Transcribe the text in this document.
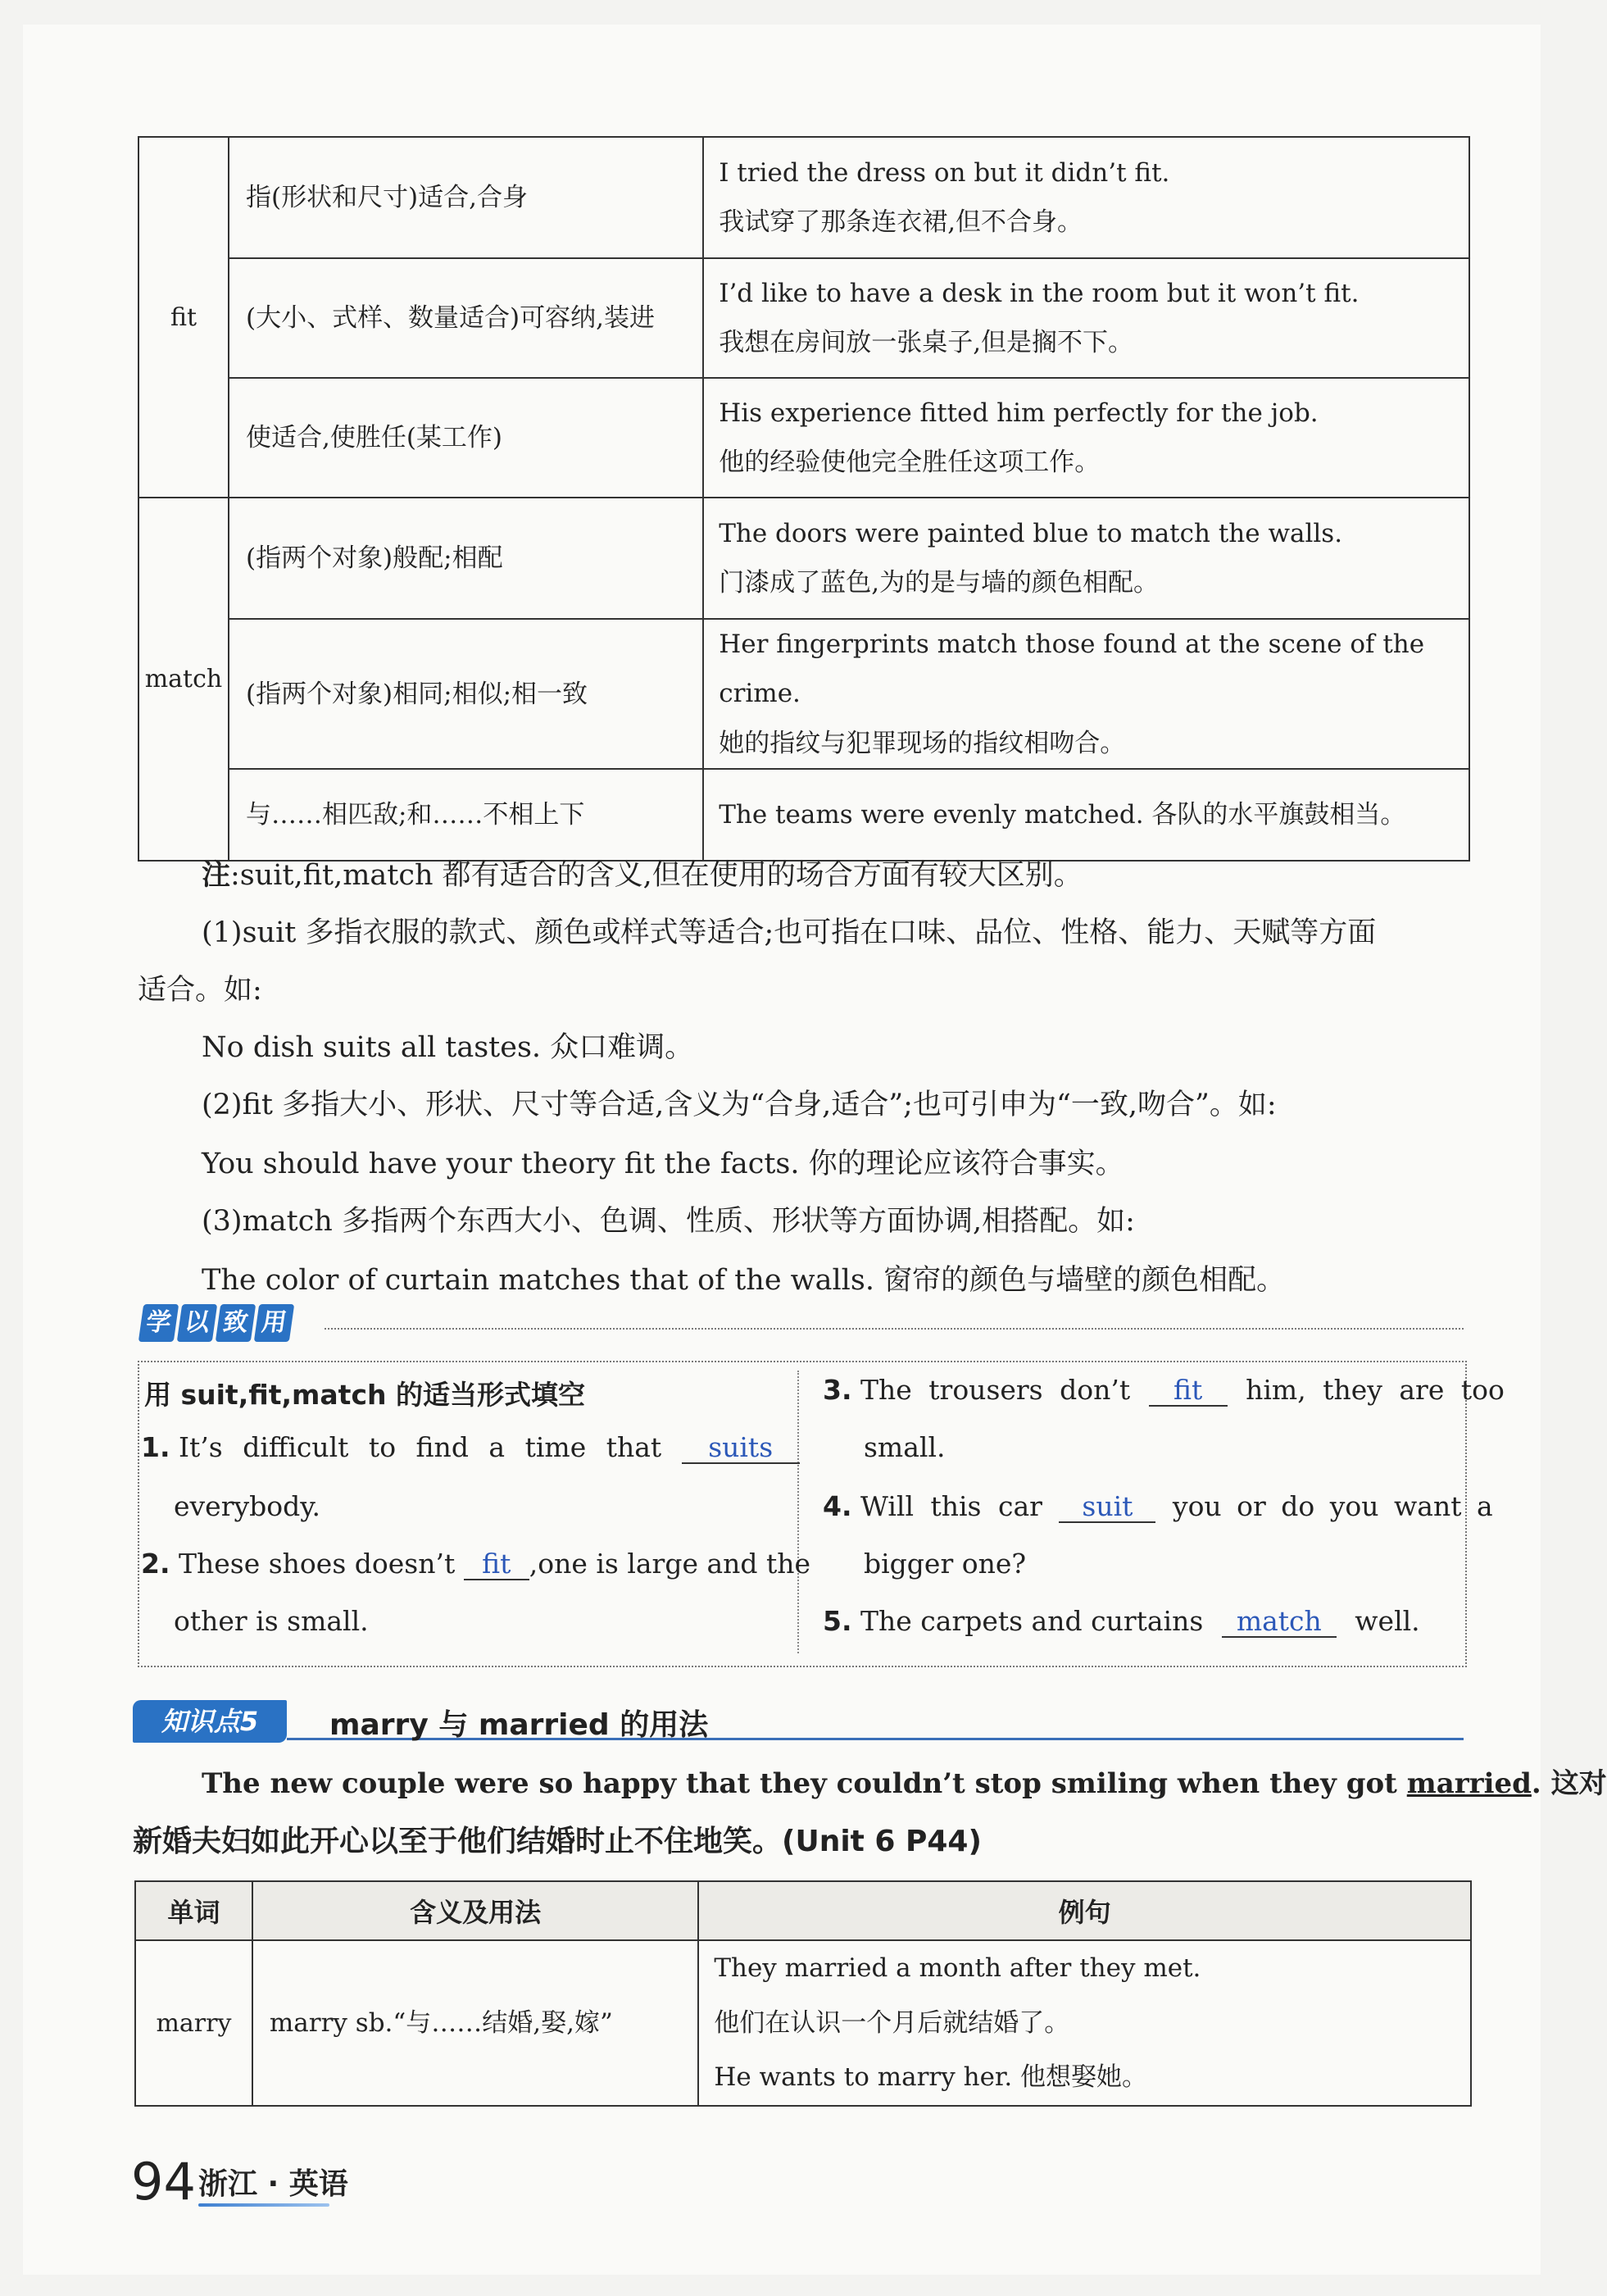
fit	指(形状和尺寸)适合,合身	I tried the dress on but it didn’t fit.
我试穿了那条连衣裙,但不合身。

	(大小、式样、数量适合)可容纳,装进	I’d like to have a desk in the room but it won’t fit.
我想在房间放一张桌子,但是搁不下。

	使适合,使胜任(某工作)	His experience fitted him perfectly for the job.
他的经验使他完全胜任这项工作。

match	(指两个对象)般配;相配	The doors were painted blue to match the walls.
门漆成了蓝色,为的是与墙的颜色相配。

	(指两个对象)相同;相似;相一致	Her fingerprints match those found at the scene of the crime.
她的指纹与犯罪现场的指纹相吻合。

	与……相匹敌;和……不相上下	The teams were evenly matched. 各队的水平旗鼓相当。
注:suit,fit,match 都有适合的含义,但在使用的场合方面有较大区别。
(1)suit 多指衣服的款式、颜色或样式等适合;也可指在口味、品位、性格、能力、天赋等方面
适合。如:
No dish suits all tastes. 众口难调。
(2)fit 多指大小、形状、尺寸等合适,含义为“合身,适合”;也可引申为“一致,吻合”。如:
You should have your theory fit the facts. 你的理论应该符合事实。
(3)match 多指两个东西大小、色调、性质、形状等方面协调,相搭配。如:
The color of curtain matches that of the walls. 窗帘的颜色与墙壁的颜色相配。
学 以 致 用
用 suit,fit,match 的适当形式填空
1. It’s difficult to find a time that suits
everybody.
2. These shoes doesn’t fit ,one is large and the
other is small.
3. The trousers don’t fit him, they are too
small.
4. Will this car suit you or do you want a
bigger one?
5. The carpets and curtains match well.
知识点5	marry 与 married 的用法
The new couple were so happy that they couldn’t stop smiling when they got married. 这对
新婚夫妇如此开心以至于他们结婚时止不住地笑。(Unit 6 P44)
单词	含义及用法	例句
marry	marry sb.“与……结婚,娶,嫁”	They married a month after they met.
他们在认识一个月后就结婚了。
He wants to marry her. 他想娶她。
94 浙江 · 英语
